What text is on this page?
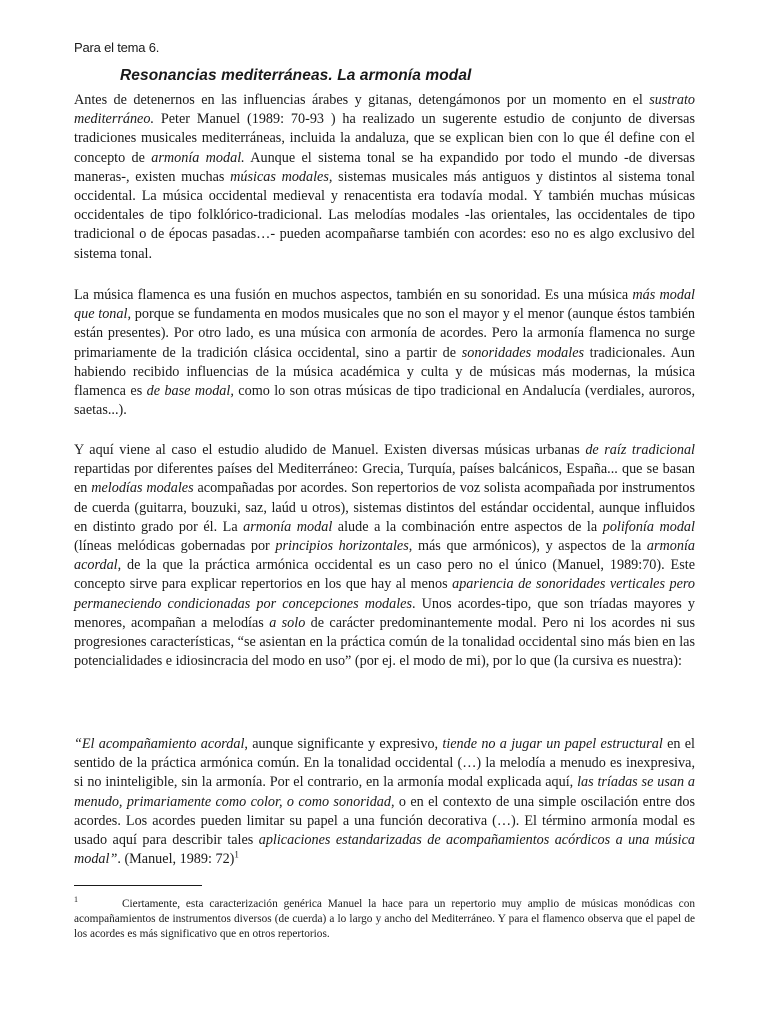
Para el tema 6.
Resonancias mediterráneas. La armonía modal
Antes de detenernos en las influencias árabes y gitanas, detengámonos por un momento en el sustrato mediterráneo. Peter Manuel (1989: 70-93 ) ha realizado un sugerente estudio de conjunto de diversas tradiciones musicales mediterráneas, incluida la andaluza, que se explican bien con lo que él define con el concepto de armonía modal. Aunque el sistema tonal se ha expandido por todo el mundo -de diversas maneras-, existen muchas músicas modales, sistemas musicales más antiguos y distintos al sistema tonal occidental. La música occidental medieval y renacentista era todavía modal. Y también muchas músicas occidentales de tipo folklórico-tradicional. Las melodías modales -las orientales, las occidentales de tipo tradicional o de épocas pasadas…- pueden acompañarse también con acordes: eso no es algo exclusivo del sistema tonal.
La música flamenca es una fusión en muchos aspectos, también en su sonoridad. Es una música más modal que tonal, porque se fundamenta en modos musicales que no son el mayor y el menor (aunque éstos también están presentes). Por otro lado, es una música con armonía de acordes. Pero la armonía flamenca no surge primariamente de la tradición clásica occidental, sino a partir de sonoridades modales tradicionales. Aun habiendo recibido influencias de la música académica y culta y de músicas más modernas, la música flamenca es de base modal, como lo son otras músicas de tipo tradicional en Andalucía (verdiales, auroros, saetas...).
Y aquí viene al caso el estudio aludido de Manuel. Existen diversas músicas urbanas de raíz tradicional repartidas por diferentes países del Mediterráneo: Grecia, Turquía, países balcánicos, España... que se basan en melodías modales acompañadas por acordes. Son repertorios de voz solista acompañada por instrumentos de cuerda (guitarra, bouzuki, saz, laúd u otros), sistemas distintos del estándar occidental, aunque influidos en distinto grado por él. La armonía modal alude a la combinación entre aspectos de la polifonía modal (líneas melódicas gobernadas por principios horizontales, más que armónicos), y aspectos de la armonía acordal, de la que la práctica armónica occidental es un caso pero no el único (Manuel, 1989:70). Este concepto sirve para explicar repertorios en los que hay al menos apariencia de sonoridades verticales pero permaneciendo condicionadas por concepciones modales. Unos acordes-tipo, que son tríadas mayores y menores, acompañan a melodías a solo de carácter predominantemente modal. Pero ni los acordes ni sus progresiones características, “se asientan en la práctica común de la tonalidad occidental sino más bien en las potencialidades e idiosincracia del modo en uso” (por ej. el modo de mi), por lo que (la cursiva es nuestra):
“El acompañamiento acordal, aunque significante y expresivo, tiende no a jugar un papel estructural en el sentido de la práctica armónica común. En la tonalidad occidental (…) la melodía a menudo es inexpresiva, si no ininteligible, sin la armonía. Por el contrario, en la armonía modal explicada aquí, las tríadas se usan a menudo, primariamente como color, o como sonoridad, o en el contexto de una simple oscilación entre dos acordes. Los acordes pueden limitar su papel a una función decorativa (…). El término armonía modal es usado aquí para describir tales aplicaciones estandarizadas de acompañamientos acórdicos a una música modal”. (Manuel, 1989: 72)$^1$
$^1$	Ciertamente, esta caracterización genérica Manuel la hace para un repertorio muy amplio de músicas monódicas con acompañamientos de instrumentos diversos (de cuerda) a lo largo y ancho del Mediterráneo. Y para el flamenco observa que el papel de los acordes es más significativo que en otros repertorios.
